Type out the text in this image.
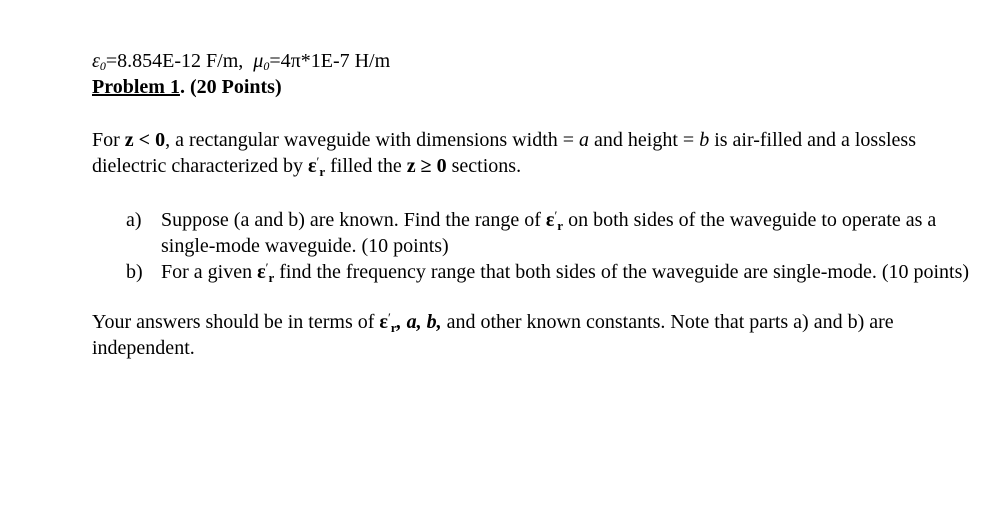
$\varepsilon_0=8.854E-12$ F/m, $\mu_0=4\pi*1E-7$ H/m
Problem 1. (20 Points)

For z < 0, a rectangular waveguide with dimensions width = a and height = b is air-filled and a lossless dielectric characterized by $\varepsilon'_r$ filled the z ≥ 0 sections.

a) Suppose (a and b) are known. Find the range of $\varepsilon'_r$ on both sides of the waveguide to operate as a single-mode waveguide. (10 points)
b) For a given $\varepsilon'_r$ find the frequency range that both sides of the waveguide are single-mode. (10 points)

Your answers should be in terms of $\varepsilon'_r$, a, b, and other known constants. Note that parts a) and b) are independent.
